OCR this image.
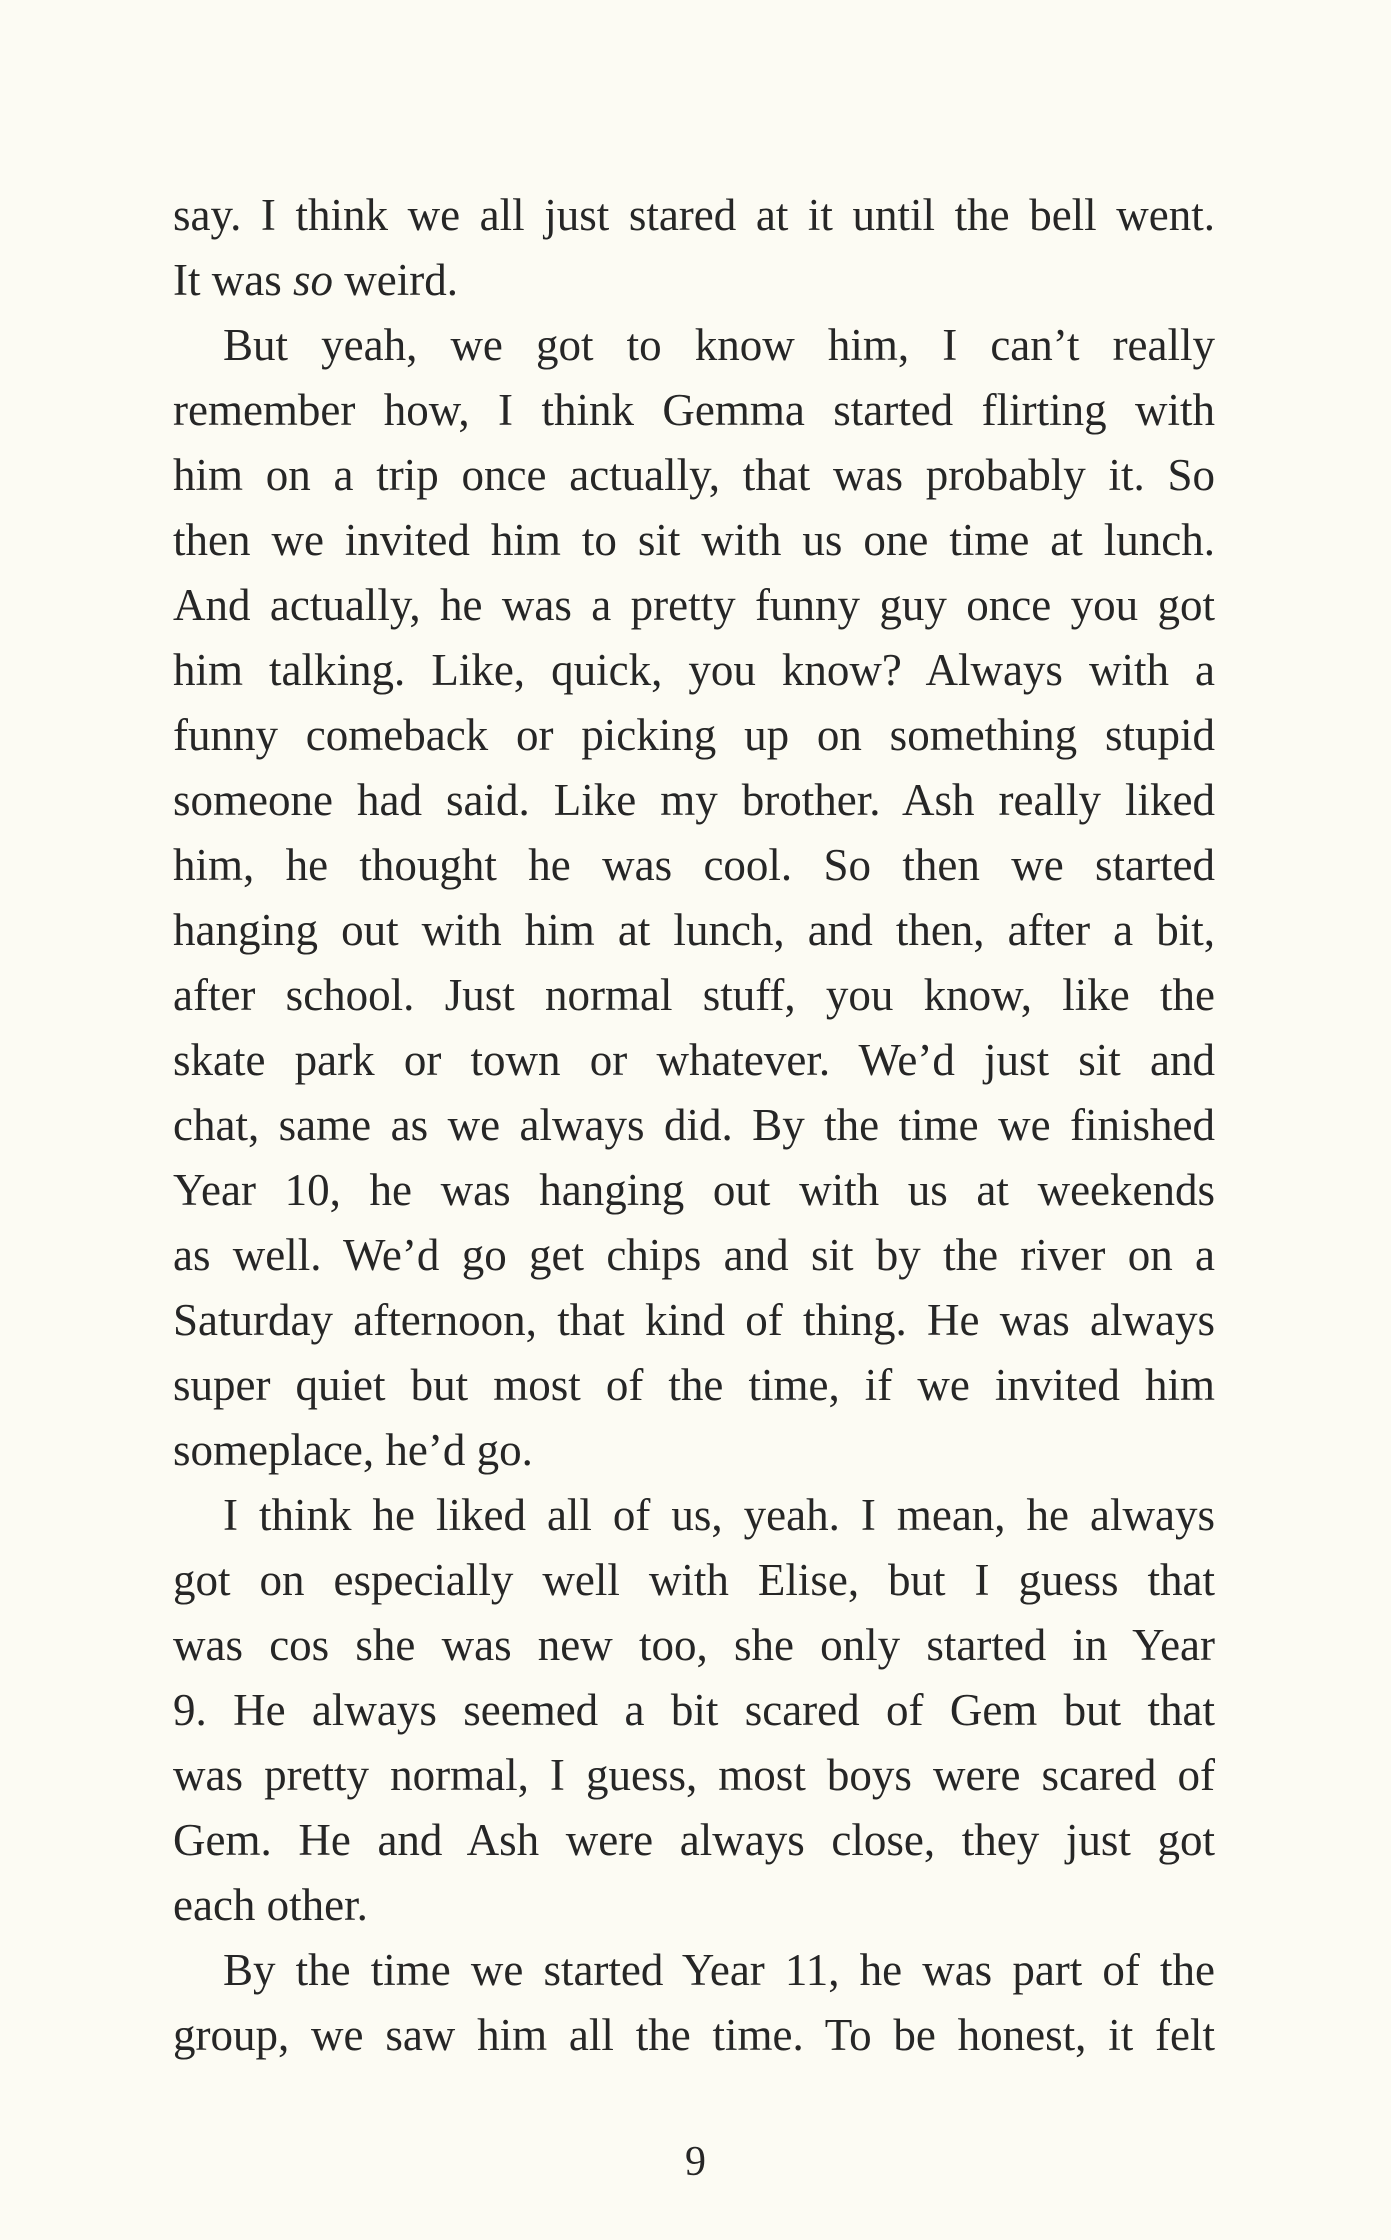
say. I think we all just stared at it until the bell went.
It was so weird.
But yeah, we got to know him, I can’t really
remember how, I think Gemma started flirting with
him on a trip once actually, that was probably it. So
then we invited him to sit with us one time at lunch.
And actually, he was a pretty funny guy once you got
him talking. Like, quick, you know? Always with a
funny comeback or picking up on something stupid
someone had said. Like my brother. Ash really liked
him, he thought he was cool. So then we started
hanging out with him at lunch, and then, after a bit,
after school. Just normal stuff, you know, like the
skate park or town or whatever. We’d just sit and
chat, same as we always did. By the time we finished
Year 10, he was hanging out with us at weekends
as well. We’d go get chips and sit by the river on a
Saturday afternoon, that kind of thing. He was always
super quiet but most of the time, if we invited him
someplace, he’d go.
I think he liked all of us, yeah. I mean, he always
got on especially well with Elise, but I guess that
was cos she was new too, she only started in Year
9. He always seemed a bit scared of Gem but that
was pretty normal, I guess, most boys were scared of
Gem. He and Ash were always close, they just got
each other.
By the time we started Year 11, he was part of the
group, we saw him all the time. To be honest, it felt
9
